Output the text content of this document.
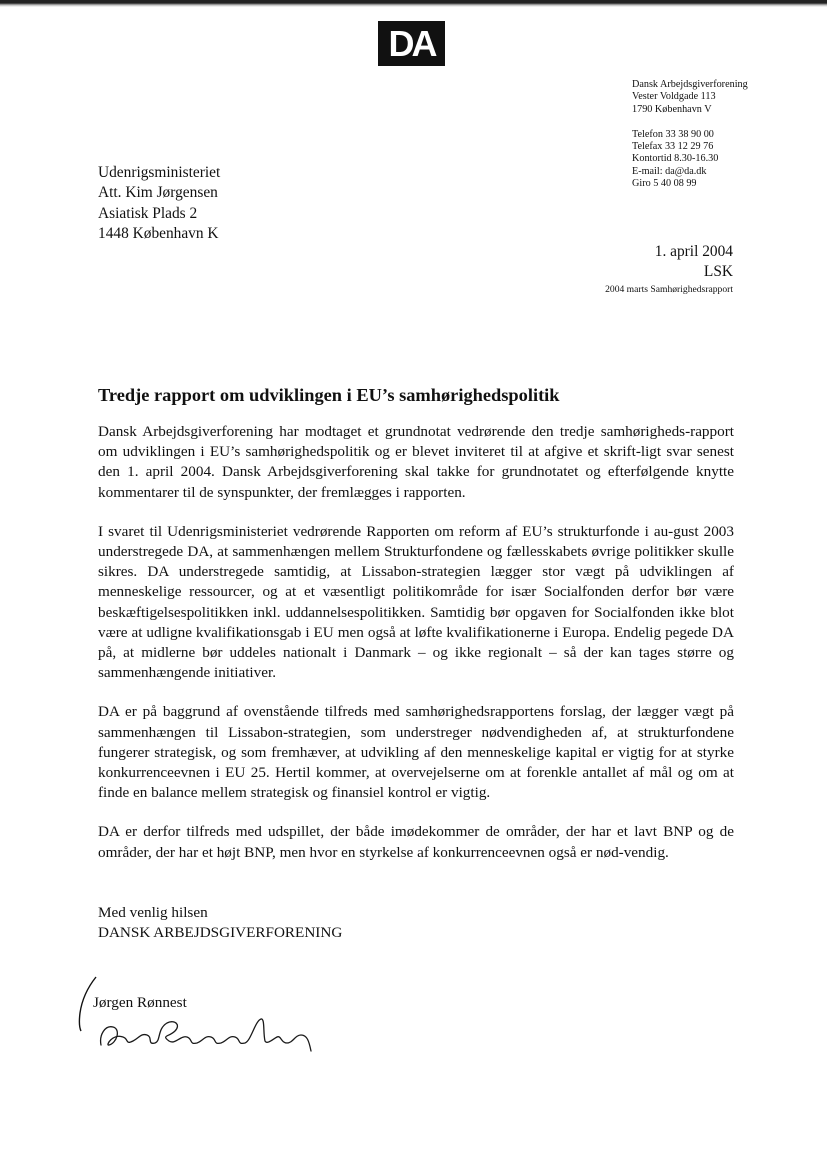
DA
Dansk Arbejdsgiverforening
Vester Voldgade 113
1790 København V
Telefon 33 38 90 00
Telefax 33 12 29 76
Kontortid 8.30-16.30
E-mail: da@da.dk
Giro 5 40 08 99
Udenrigsministeriet
Att. Kim Jørgensen
Asiatisk Plads 2
1448 København K
1. april 2004
LSK
2004 marts Samhørighedsrapport
Tredje rapport om udviklingen i EU’s samhørighedspolitik

Dansk Arbejdsgiverforening har modtaget et grundnotat vedrørende den tredje samhørigheds-rapport om udviklingen i EU’s samhørighedspolitik og er blevet inviteret til at afgive et skrift-ligt svar senest den 1. april 2004. Dansk Arbejdsgiverforening skal takke for grundnotatet og efterfølgende knytte kommentarer til de synspunkter, der fremlægges i rapporten.

I svaret til Udenrigsministeriet vedrørende Rapporten om reform af EU’s strukturfonde i au-gust 2003 understregede DA, at sammenhængen mellem Strukturfondene og fællesskabets øvrige politikker skulle sikres. DA understregede samtidig, at Lissabon-strategien lægger stor vægt på udviklingen af menneskelige ressourcer, og at et væsentligt politikområde for især Socialfonden derfor bør være beskæftigelsespolitikken inkl. uddannelsespolitikken. Samtidig bør opgaven for Socialfonden ikke blot være at udligne kvalifikationsgab i EU men også at løfte kvalifikationerne i Europa. Endelig pegede DA på, at midlerne bør uddeles nationalt i Danmark – og ikke regionalt – så der kan tages større og sammenhængende initiativer.

DA er på baggrund af ovenstående tilfreds med samhørighedsrapportens forslag, der lægger vægt på sammenhængen til Lissabon-strategien, som understreger nødvendigheden af, at strukturfondene fungerer strategisk, og som fremhæver, at udvikling af den menneskelige kapital er vigtig for at styrke konkurrenceevnen i EU 25. Hertil kommer, at overvejelserne om at forenkle antallet af mål og om at finde en balance mellem strategisk og finansiel kontrol er vigtig.

DA er derfor tilfreds med udspillet, der både imødekommer de områder, der har et lavt BNP og de områder, der har et højt BNP, men hvor en styrkelse af konkurrenceevnen også er nød-vendig.

Med venlig hilsen
DANSK ARBEJDSGIVERFORENING
Jørgen Rønnest
